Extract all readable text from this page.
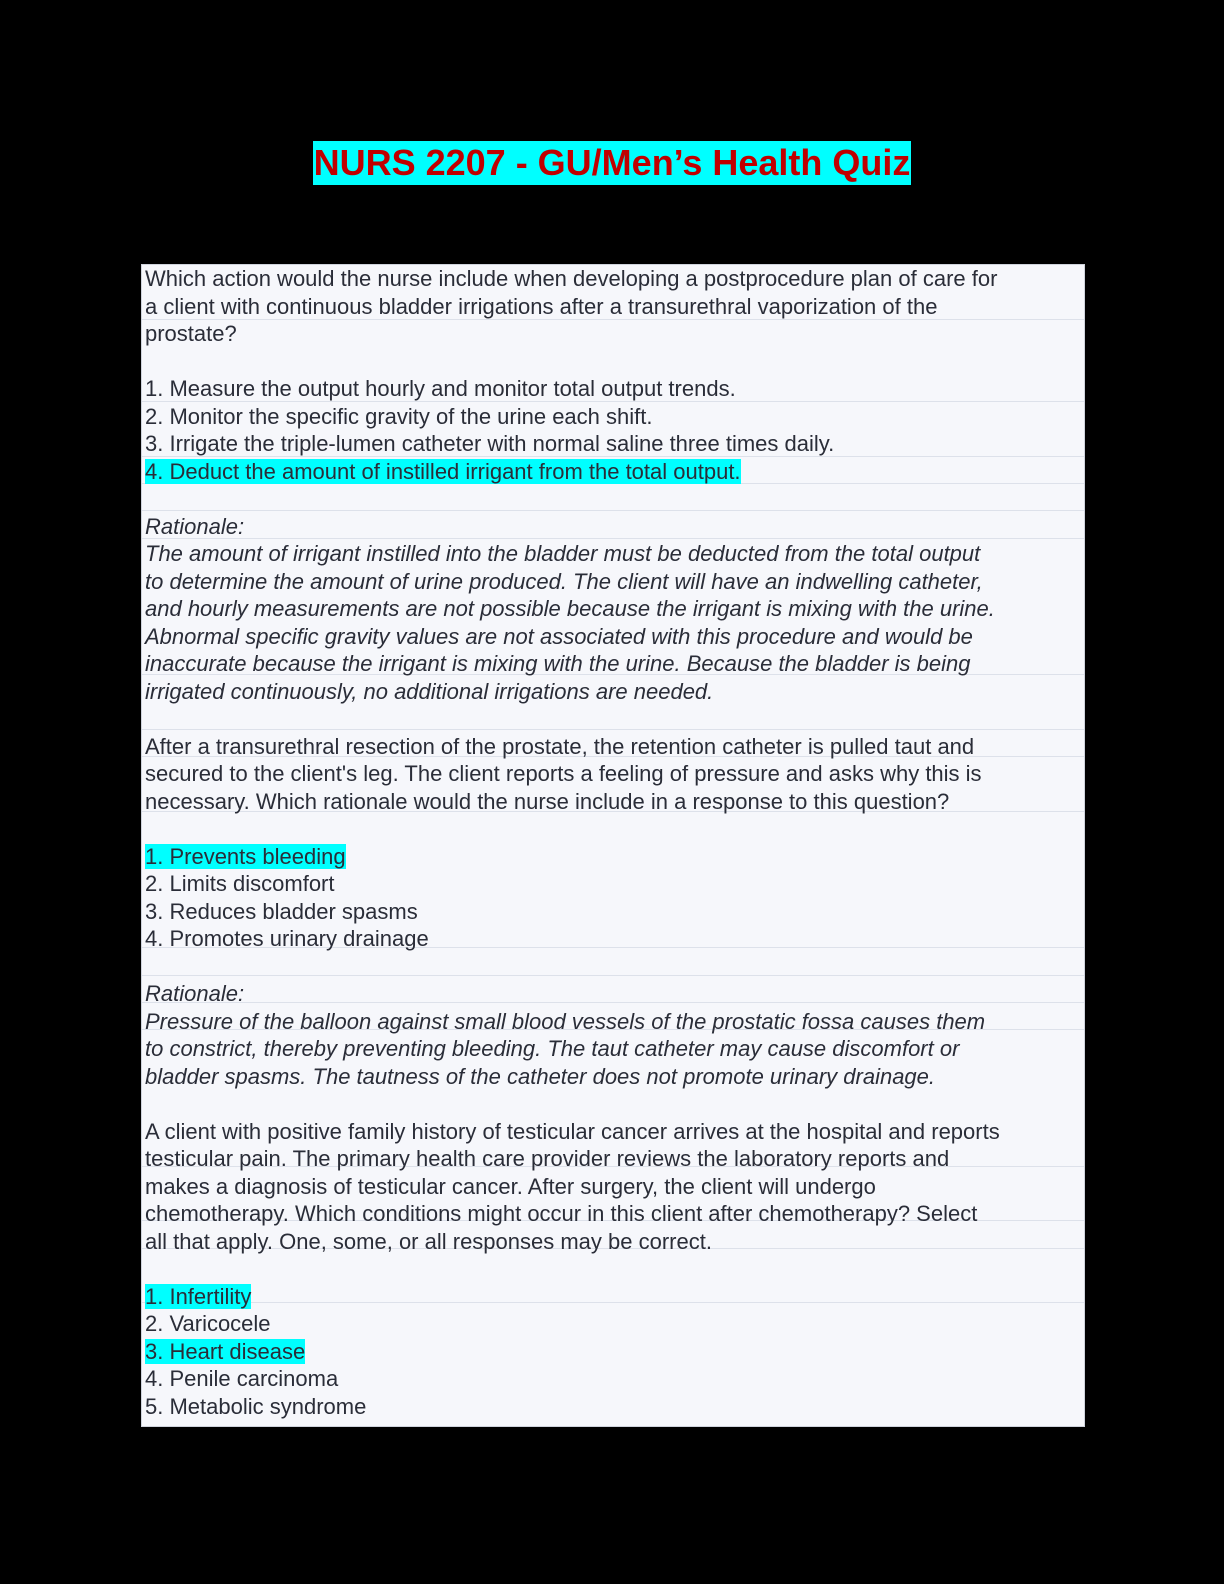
NURS 2207 - GU/Men’s Health Quiz
Which action would the nurse include when developing a postprocedure plan of care for
a client with continuous bladder irrigations after a transurethral vaporization of the
prostate?
1. Measure the output hourly and monitor total output trends.
2. Monitor the specific gravity of the urine each shift.
3. Irrigate the triple-lumen catheter with normal saline three times daily.
4. Deduct the amount of instilled irrigant from the total output.
Rationale:
The amount of irrigant instilled into the bladder must be deducted from the total output
to determine the amount of urine produced. The client will have an indwelling catheter,
and hourly measurements are not possible because the irrigant is mixing with the urine.
Abnormal specific gravity values are not associated with this procedure and would be
inaccurate because the irrigant is mixing with the urine. Because the bladder is being
irrigated continuously, no additional irrigations are needed.
After a transurethral resection of the prostate, the retention catheter is pulled taut and
secured to the client's leg. The client reports a feeling of pressure and asks why this is
necessary. Which rationale would the nurse include in a response to this question?
1. Prevents bleeding
2. Limits discomfort
3. Reduces bladder spasms
4. Promotes urinary drainage
Rationale:
Pressure of the balloon against small blood vessels of the prostatic fossa causes them
to constrict, thereby preventing bleeding. The taut catheter may cause discomfort or
bladder spasms. The tautness of the catheter does not promote urinary drainage.
A client with positive family history of testicular cancer arrives at the hospital and reports
testicular pain. The primary health care provider reviews the laboratory reports and
makes a diagnosis of testicular cancer. After surgery, the client will undergo
chemotherapy. Which conditions might occur in this client after chemotherapy? Select
all that apply. One, some, or all responses may be correct.
1. Infertility
2. Varicocele
3. Heart disease
4. Penile carcinoma
5. Metabolic syndrome
